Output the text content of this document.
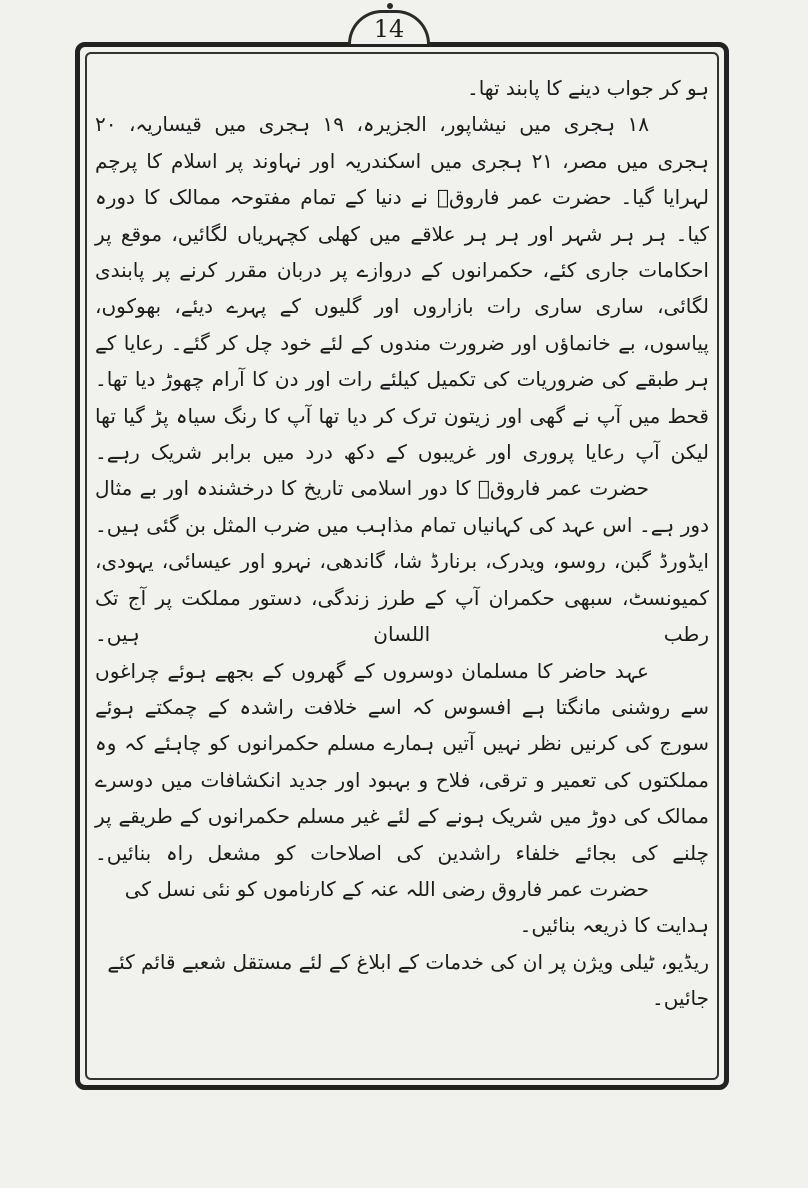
14

ہو کر جواب دینے کا پابند تھا۔

۱۸ ہجری میں نیشاپور، الجزیرہ، ۱۹ ہجری میں قیساریہ، ۲۰ ہجری میں مصر، ۲۱ ہجری میں اسکندریہ اور نہاوند پر اسلام کا پرچم لہرایا گیا۔ حضرت عمر فاروقؓ نے دنیا کے تمام مفتوحہ ممالک کا دورہ کیا۔ ہر ہر شہر اور ہر ہر علاقے میں کھلی کچہریاں لگائیں، موقع پر احکامات جاری کئے، حکمرانوں کے دروازے پر دربان مقرر کرنے پر پابندی لگائی، ساری ساری رات بازاروں اور گلیوں کے پہرے دیئے، بھوکوں، پیاسوں، بے خانماؤں اور ضرورت مندوں کے لئے خود چل کر گئے۔ رعایا کے ہر طبقے کی ضروریات کی تکمیل کیلئے رات اور دن کا آرام چھوڑ دیا تھا۔ قحط میں آپ نے گھی اور زیتون ترک کر دیا تھا آپ کا رنگ سیاہ پڑ گیا تھا لیکن آپ رعایا پروری اور غریبوں کے دکھ درد میں برابر شریک رہے۔

حضرت عمر فاروقؓ کا دور اسلامی تاریخ کا درخشندہ اور بے مثال دور ہے۔ اس عہد کی کہانیاں تمام مذاہب میں ضرب المثل بن گئی ہیں۔ ایڈورڈ گبن، روسو، ویدرک، برنارڈ شا، گاندھی، نہرو اور عیسائی، یہودی، کمیونسٹ، سبھی حکمران آپ کے طرز زندگی، دستور مملکت پر آج تک رطب اللسان ہیں۔

عہد حاضر کا مسلمان دوسروں کے گھروں کے بجھے ہوئے چراغوں سے روشنی مانگتا ہے افسوس کہ اسے خلافت راشدہ کے چمکتے ہوئے سورج کی کرنیں نظر نہیں آتیں ہمارے مسلم حکمرانوں کو چاہئے کہ وہ مملکتوں کی تعمیر و ترقی، فلاح و بہبود اور جدید انکشافات میں دوسرے ممالک کی دوڑ میں شریک ہونے کے لئے غیر مسلم حکمرانوں کے طریقے پر چلنے کی بجائے خلفاء راشدین کی اصلاحات کو مشعل راہ بنائیں۔

حضرت عمر فاروق رضی اللہ عنہ کے کارناموں کو نئی نسل کی ہدایت کا ذریعہ بنائیں۔

ریڈیو، ٹیلی ویژن پر ان کی خدمات کے ابلاغ کے لئے مستقل شعبے قائم کئے جائیں۔
